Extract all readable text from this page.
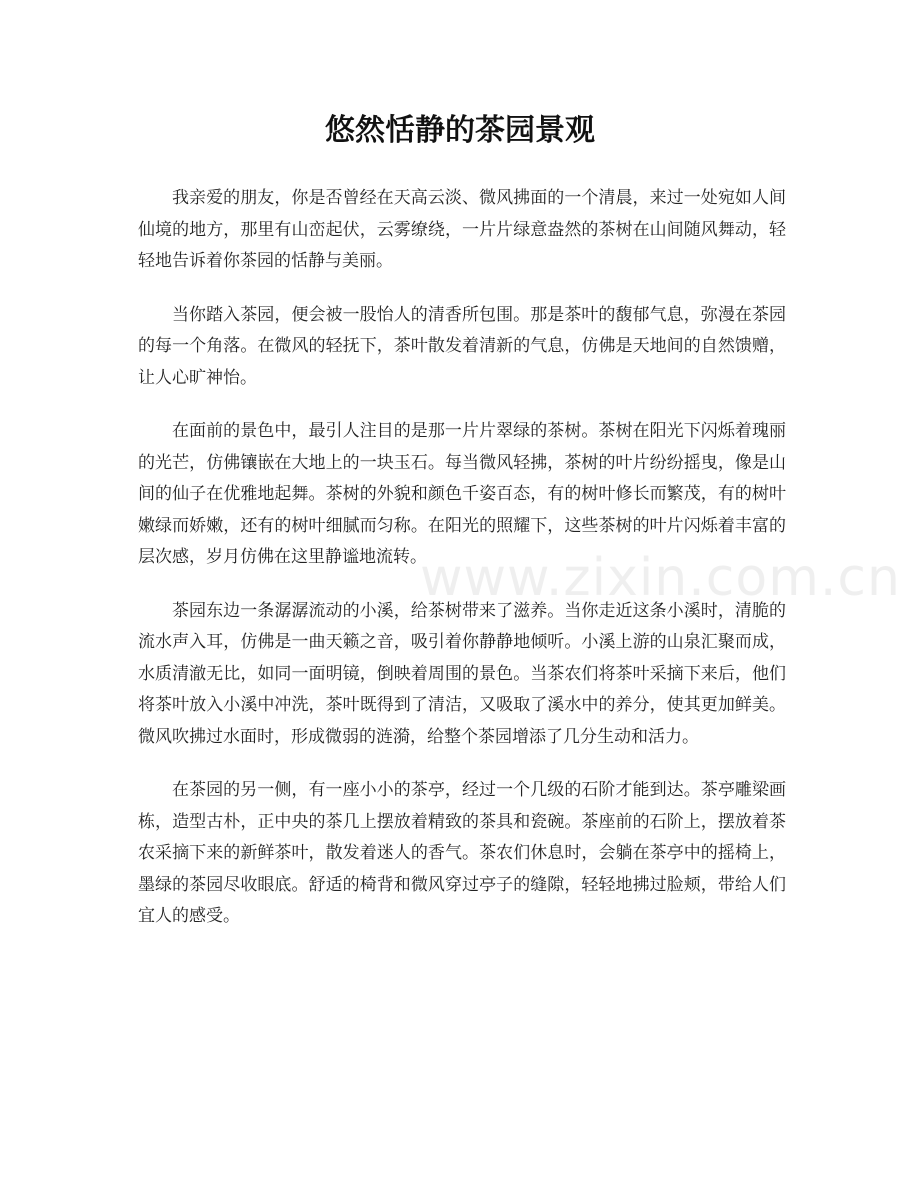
悠然恬静的茶园景观

我亲爱的朋友，你是否曾经在天高云淡、微风拂面的一个清晨，来过一处宛如人间仙境的地方，那里有山峦起伏，云雾缭绕，一片片绿意盎然的茶树在山间随风舞动，轻轻地告诉着你茶园的恬静与美丽。

当你踏入茶园，便会被一股怡人的清香所包围。那是茶叶的馥郁气息，弥漫在茶园的每一个角落。在微风的轻抚下，茶叶散发着清新的气息，仿佛是天地间的自然馈赠，让人心旷神怡。

在面前的景色中，最引人注目的是那一片片翠绿的茶树。茶树在阳光下闪烁着瑰丽的光芒，仿佛镶嵌在大地上的一块玉石。每当微风轻拂，茶树的叶片纷纷摇曳，像是山间的仙子在优雅地起舞。茶树的外貌和颜色千姿百态，有的树叶修长而繁茂，有的树叶嫩绿而娇嫩，还有的树叶细腻而匀称。在阳光的照耀下，这些茶树的叶片闪烁着丰富的层次感，岁月仿佛在这里静谧地流转。

茶园东边一条潺潺流动的小溪，给茶树带来了滋养。当你走近这条小溪时，清脆的流水声入耳，仿佛是一曲天籁之音，吸引着你静静地倾听。小溪上游的山泉汇聚而成，水质清澈无比，如同一面明镜，倒映着周围的景色。当茶农们将茶叶采摘下来后，他们将茶叶放入小溪中冲洗，茶叶既得到了清洁，又吸取了溪水中的养分，使其更加鲜美。微风吹拂过水面时，形成微弱的涟漪，给整个茶园增添了几分生动和活力。

在茶园的另一侧，有一座小小的茶亭，经过一个几级的石阶才能到达。茶亭雕梁画栋，造型古朴，正中央的茶几上摆放着精致的茶具和瓷碗。茶座前的石阶上，摆放着茶农采摘下来的新鲜茶叶，散发着迷人的香气。茶农们休息时，会躺在茶亭中的摇椅上，墨绿的茶园尽收眼底。舒适的椅背和微风穿过亭子的缝隙，轻轻地拂过脸颊，带给人们宜人的感受。

www.zixin.com.cn
